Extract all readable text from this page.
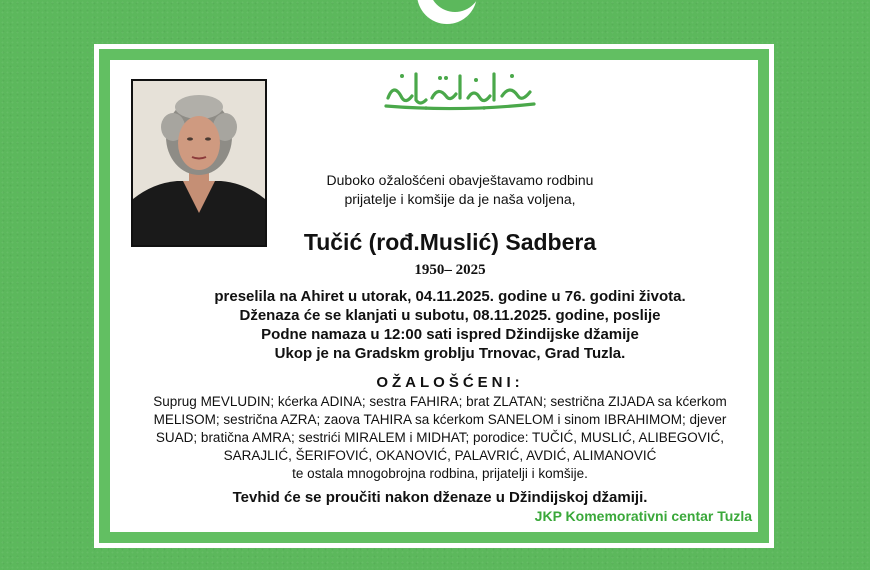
Duboko ožalošćeni obavještavamo rodbinu
prijatelje i komšije da je naša voljena,
Tučić (rođ.Muslić) Sadbera
1950– 2025
preselila na Ahiret u utorak, 04.11.2025. godine u 76. godini života.
Dženaza će se klanjati u subotu, 08.11.2025. godine, poslije
Podne namaza u 12:00 sati ispred Džindijske džamije
Ukop je na Gradskm groblju Trnovac, Grad Tuzla.
OŽALOŠĆENI:
Suprug MEVLUDIN; kćerka ADINA; sestra FAHIRA; brat ZLATAN; sestrična ZIJADA sa kćerkom
MELISOM; sestrična AZRA; zaova TAHIRA sa kćerkom SANELOM i sinom IBRAHIMOM; djever
SUAD; bratična AMRA; sestrići MIRALEM i MIDHAT; porodice: TUČIĆ, MUSLIĆ, ALIBEGOVIĆ,
SARAJLIĆ, ŠERIFOVIĆ, OKANOVIĆ, PALAVRIĆ, AVDIĆ, ALIMANOVIĆ
te ostala mnogobrojna rodbina, prijatelji i komšije.
Tevhid će se proučiti nakon dženaze u Džindijskoj džamiji.
JKP Komemorativni centar Tuzla
